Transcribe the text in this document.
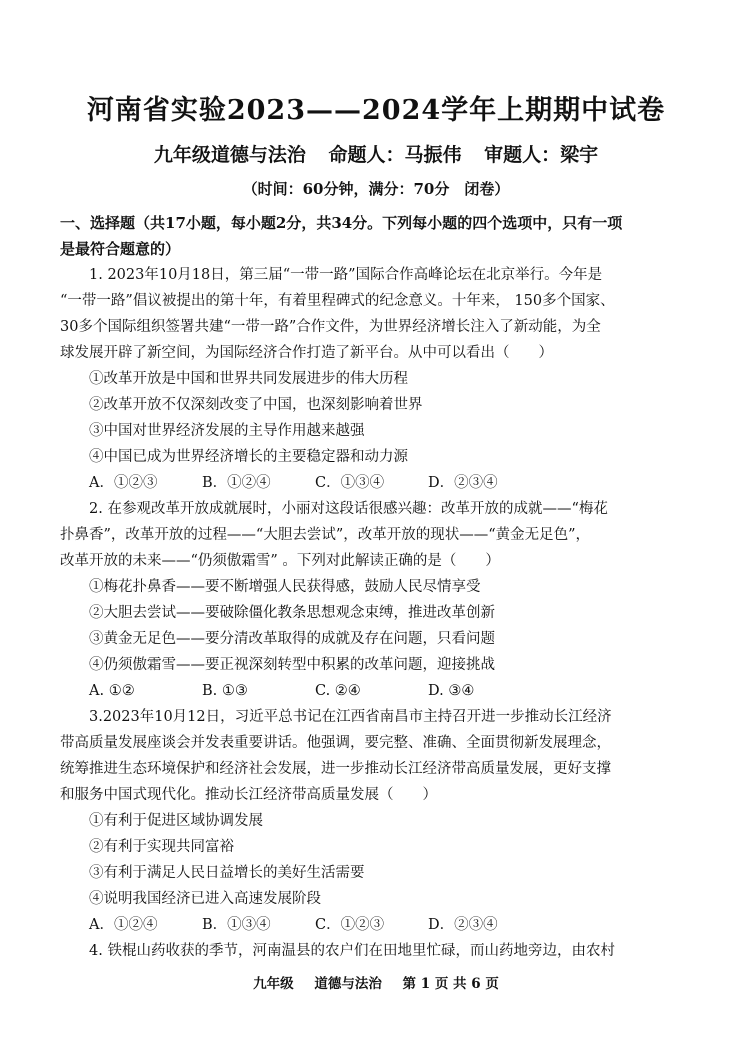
河南省实验2023——2024学年上期期中试卷
九年级道德与法治 命题人：马振伟 审题人：梁宇
（时间：60分钟，满分：70分　闭卷）

一、选择题（共17小题，每小题2分，共34分。下列每小题的四个选项中，只有一项

是最符合题意的）

1. 2023年10月18日，第三届“一带一路”国际合作高峰论坛在北京举行。今年是

“一带一路”倡议被提出的第十年，有着里程碑式的纪念意义。十年来， 150多个国家、

30多个国际组织签署共建“一带一路”合作文件，为世界经济增长注入了新动能，为全

球发展开辟了新空间，为国际经济合作打造了新平台。从中可以看出（　　）

①改革开放是中国和世界共同发展进步的伟大历程

②改革开放不仅深刻改变了中国，也深刻影响着世界

③中国对世界经济发展的主导作用越来越强

④中国已成为世界经济增长的主要稳定器和动力源

A．①②③	B．①②④	C．①③④	D．②③④

2. 在参观改革开放成就展时，小丽对这段话很感兴趣：改革开放的成就——“梅花

扑鼻香”，改革开放的过程——“大胆去尝试”，改革开放的现状——“黄金无足色”，

改革开放的未来——“仍须傲霜雪” 。下列对此解读正确的是（　　）

①梅花扑鼻香——要不断增强人民获得感，鼓励人民尽情享受

②大胆去尝试——要破除僵化教条思想观念束缚，推进改革创新

③黄金无足色——要分清改革取得的成就及存在问题，只看问题

④仍须傲霜雪——要正视深刻转型中积累的改革问题，迎接挑战

A. ①②	B. ①③	C. ②④	D. ③④

3.2023年10月12日，习近平总书记在江西省南昌市主持召开进一步推动长江经济

带高质量发展座谈会并发表重要讲话。他强调，要完整、准确、全面贯彻新发展理念，

统筹推进生态环境保护和经济社会发展，进一步推动长江经济带高质量发展，更好支撑

和服务中国式现代化。推动长江经济带高质量发展（　　）

①有利于促进区域协调发展

②有利于实现共同富裕

③有利于满足人民日益增长的美好生活需要

④说明我国经济已进入高速发展阶段

A．①②④	B．①③④	C．①②③	D．②③④

4. 铁棍山药收获的季节，河南温县的农户们在田地里忙碌，而山药地旁边，由农村

九年级 道德与法治 第 1 页 共 6 页
